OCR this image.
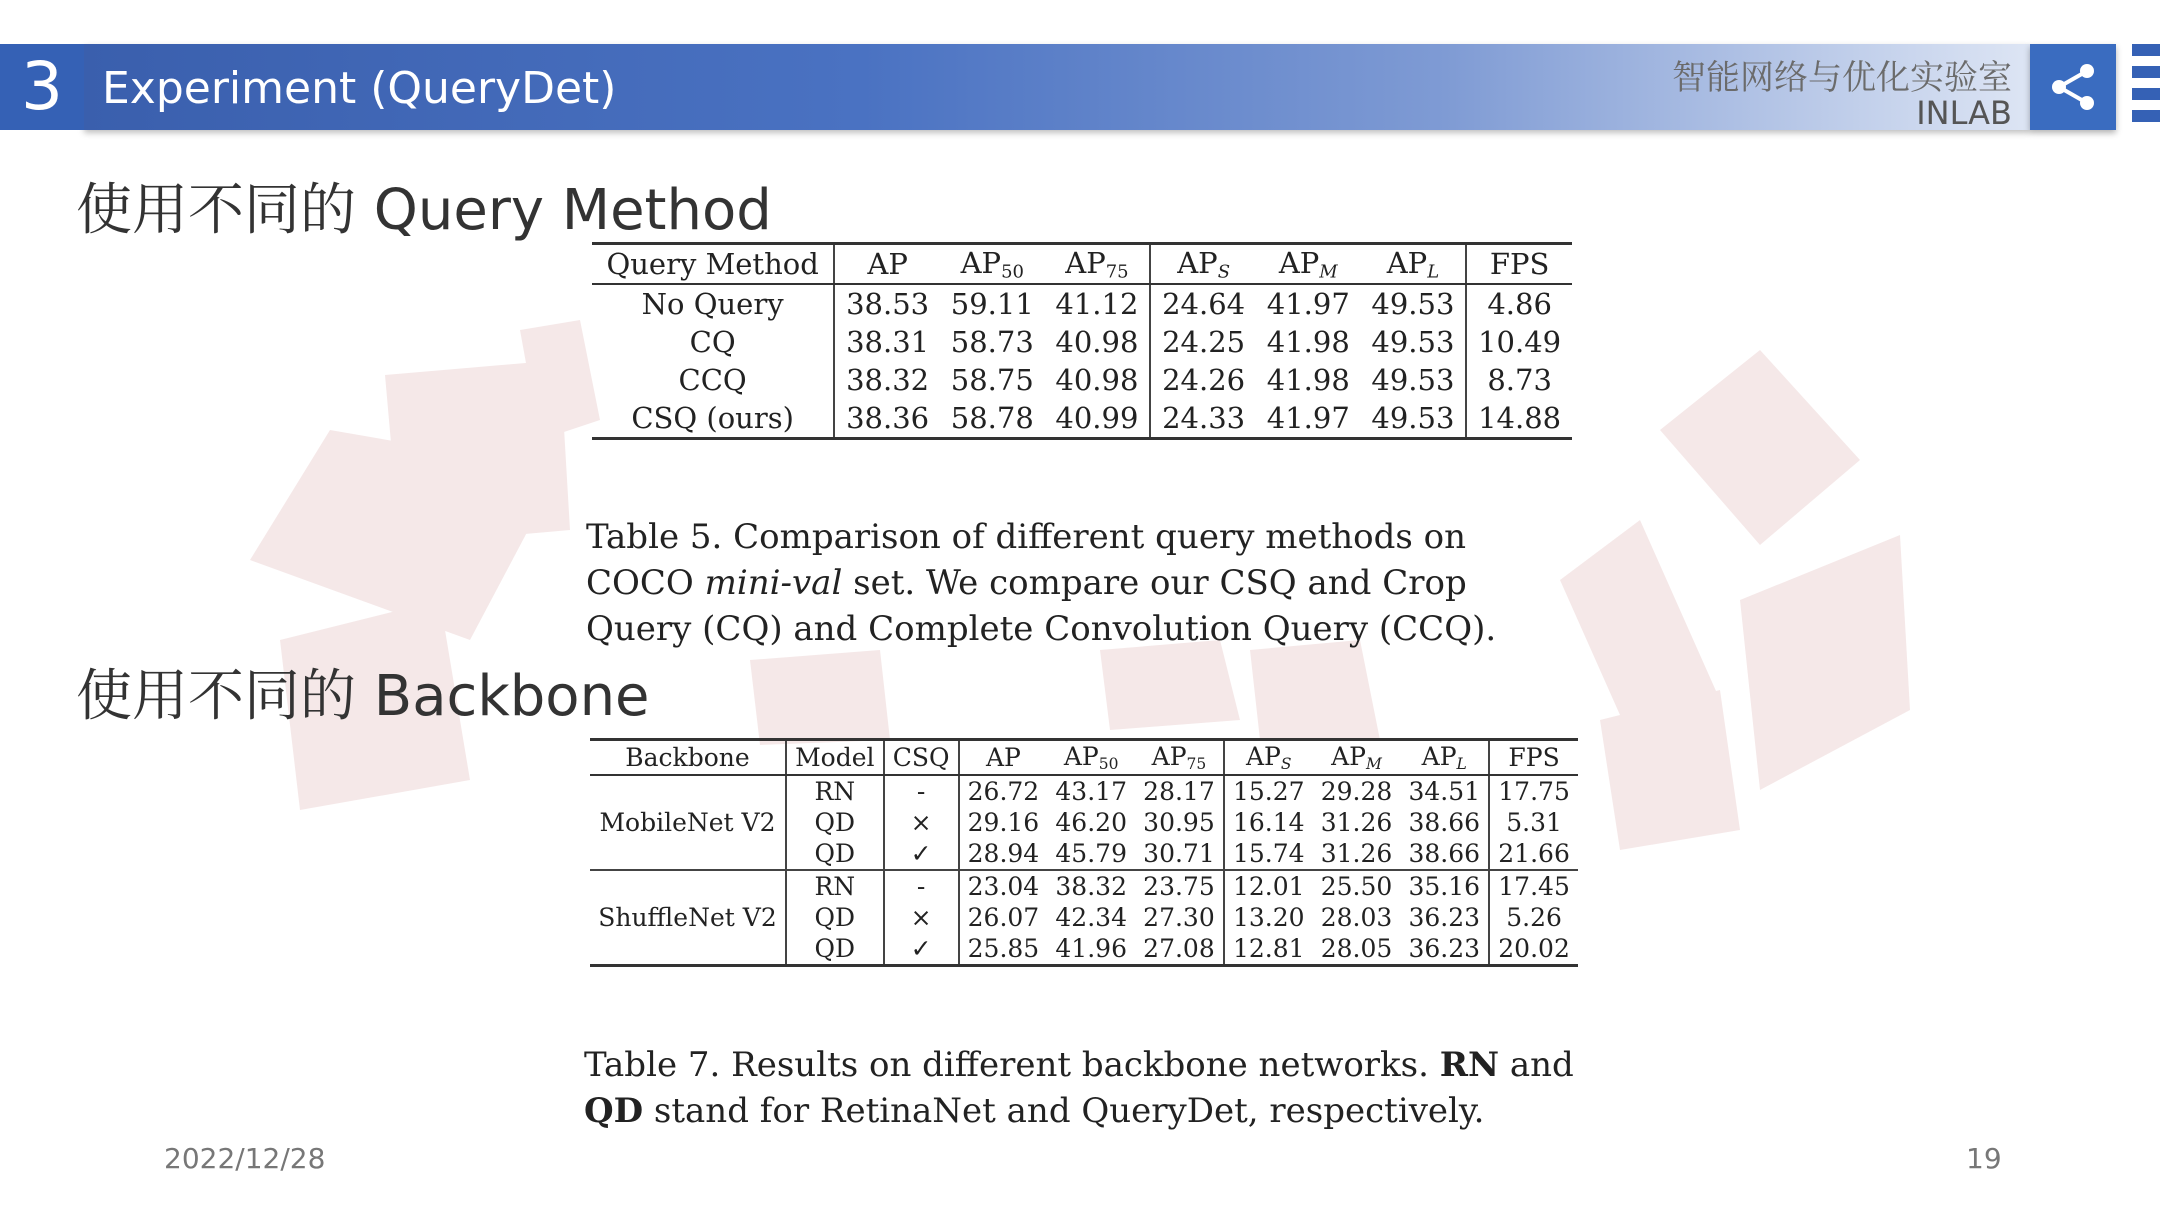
3 Experiment (QueryDet)	智能网络与优化实验室
INLAB
使用不同的 Query Method
Query Method	AP	$AP_{50}$	$AP_{75}$	$AP_S$	$AP_M$	$AP_L$	FPS
No Query	38.53	59.11	41.12	24.64	41.97	49.53	4.86
CQ	38.31	58.73	40.98	24.25	41.98	49.53	10.49
CCQ	38.32	58.75	40.98	24.26	41.98	49.53	8.73
CSQ (ours)	38.36	58.78	40.99	24.33	41.97	49.53	14.88
Table 5. Comparison of different query methods on COCO mini-val set. We compare our CSQ and Crop Query (CQ) and Complete Convolution Query (CCQ).
使用不同的 Backbone
Backbone	Model	CSQ	AP	$AP_{50}$	$AP_{75}$	$AP_S$	$AP_M$	$AP_L$	FPS
MobileNet V2	RN	-	26.72	43.17	28.17	15.27	29.28	34.51	17.75
	QD	×	29.16	46.20	30.95	16.14	31.26	38.66	5.31
	QD	✓	28.94	45.79	30.71	15.74	31.26	38.66	21.66
ShuffleNet V2	RN	-	23.04	38.32	23.75	12.01	25.50	35.16	17.45
	QD	×	26.07	42.34	27.30	13.20	28.03	36.23	5.26
	QD	✓	25.85	41.96	27.08	12.81	28.05	36.23	20.02
Table 7. Results on different backbone networks. RN and QD stand for RetinaNet and QueryDet, respectively.
2022/12/28	19
